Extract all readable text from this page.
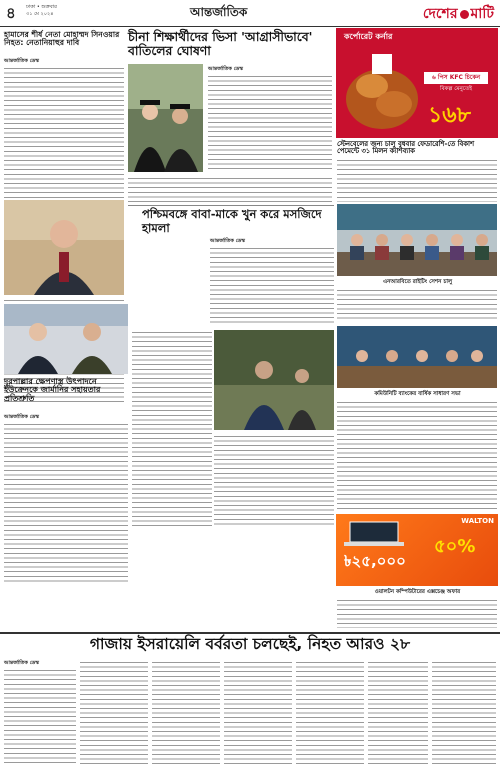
৪ ঢাকা • শুক্রবার
৩১ মে ২০২৪	আন্তর্জাতিক	দেশের মাটি
হামাসের শীর্ষ নেতা মোহাম্মদ সিনওয়ার নিহত: নেতানিয়াহুর দাবি
আন্তর্জাতিক ডেস্ক
চীনা শিক্ষার্থীদের ভিসা 'আগ্রাসীভাবে' বাতিলের ঘোষণা
আন্তর্জাতিক ডেস্ক
কর্পোরেট কর্নার
৬ পিস KFC চিকেন
বিকল্প মেনুতেই
১৬৮
স্টেনবেলের জন্য চালু বুধবার ফেডারেশি-তে বিকাশ পেমেন্টে ৩১ মিলন ক্যাশব্যাক
এনআরবিতে রাইটিং সেশন চালু
পশ্চিমবঙ্গে বাবা-মাকে খুন করে মসজিদে হামলা
আন্তর্জাতিক ডেস্ক
দূরপাল্লার ক্ষেপণাস্ত্র উৎপাদনে ইউক্রেনকে জার্মানির সহায়তার প্রতিশ্রুতি
আন্তর্জাতিক ডেস্ক
কমিউনিটি ব্যাংকের বার্ষিক সাধারণ সভা
WALTON
৫০%
৳২৫,০০০
ওয়ালটন কম্পিউটারের এক্সচেঞ্জ অফার
গাজায় ইসরায়েলি বর্বরতা চলছেই, নিহত আরও ২৮
আন্তর্জাতিক ডেস্ক
